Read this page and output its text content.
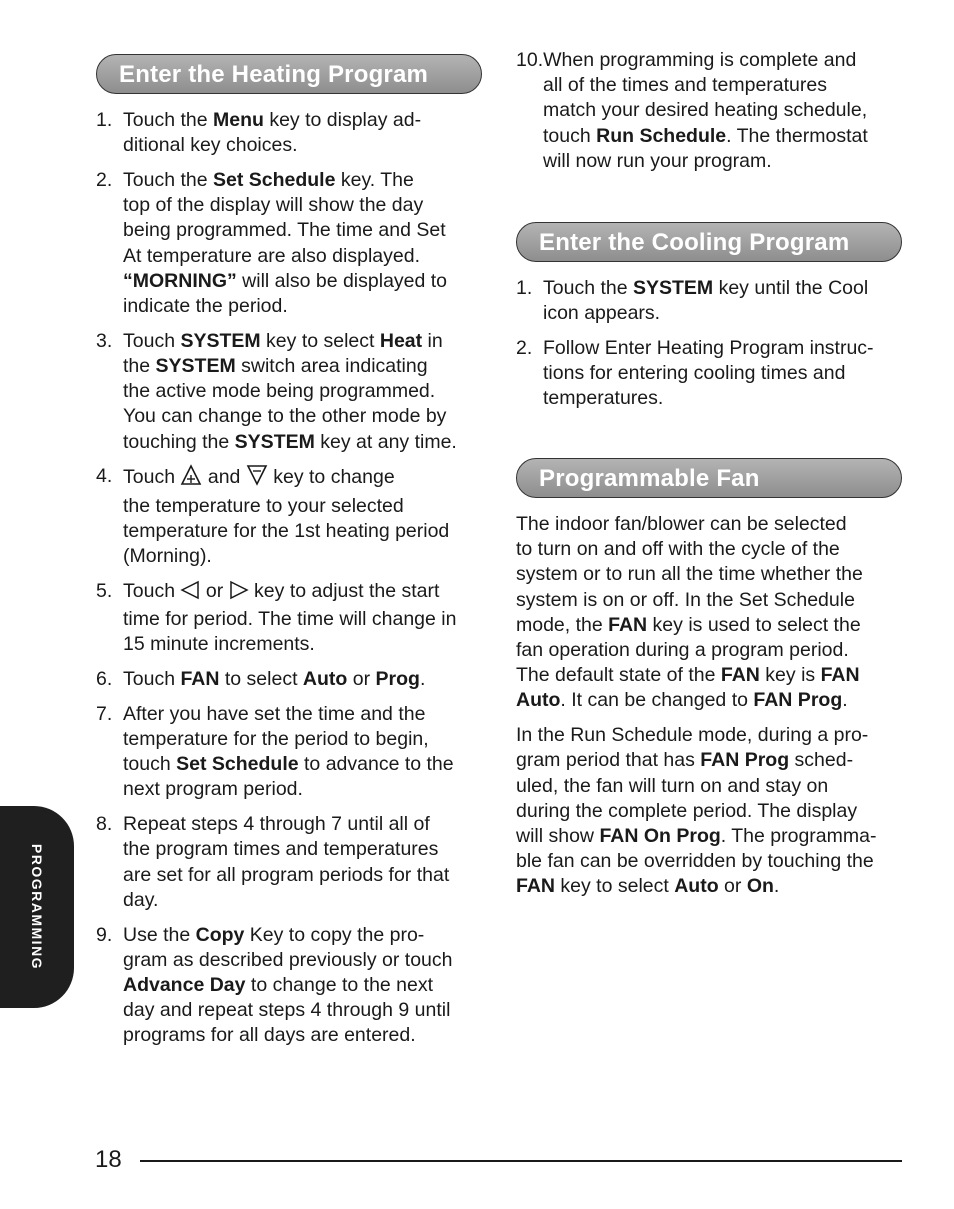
Enter the Heating Program
1. Touch the Menu key to display ad-
ditional key choices.
2. Touch the Set Schedule key. The
top of the display will show the day
being programmed. The time and Set
At temperature are also displayed.
“MORNING” will also be displayed to
indicate the period.
3. Touch SYSTEM key to select Heat in
the SYSTEM switch area indicating
the active mode being programmed.
You can change to the other mode by
touching the SYSTEM key at any time.
4. Touch  and  key to change
the temperature to your selected
temperature for the 1st heating period
(Morning).
5. Touch  or  key to adjust the start
time for period. The time will change in
15 minute increments.
6. Touch FAN to select Auto or Prog.
7. After you have set the time and the
temperature for the period to begin,
touch Set Schedule to advance to the
next program period.
8. Repeat steps 4 through 7 until all of
the program times and temperatures
are set for all program periods for that
day.
9. Use the Copy Key to copy the pro-
gram as described previously or touch
Advance Day to change to the next
day and repeat steps 4 through 9 until
programs for all days are entered.
10.When programming is complete and
all of the times and temperatures
match your desired heating schedule,
touch Run Schedule. The thermostat
will now run your program.
Enter the Cooling Program
1. Touch the SYSTEM key until the Cool
icon appears.
2. Follow Enter Heating Program instruc-
tions for entering cooling times and
temperatures.
Programmable Fan

The indoor fan/blower can be selected
to turn on and off with the cycle of the
system or to run all the time whether the
system is on or off. In the Set Schedule
mode, the FAN key is used to select the
fan operation during a program period.
The default state of the FAN key is FAN
Auto. It can be changed to FAN Prog.

In the Run Schedule mode, during a pro-
gram period that has FAN Prog sched-
uled, the fan will turn on and stay on
during the complete period. The display
will show FAN On Prog. The programma-
ble fan can be overridden by touching the
FAN key to select Auto or On.

PROGRAMMING
18
